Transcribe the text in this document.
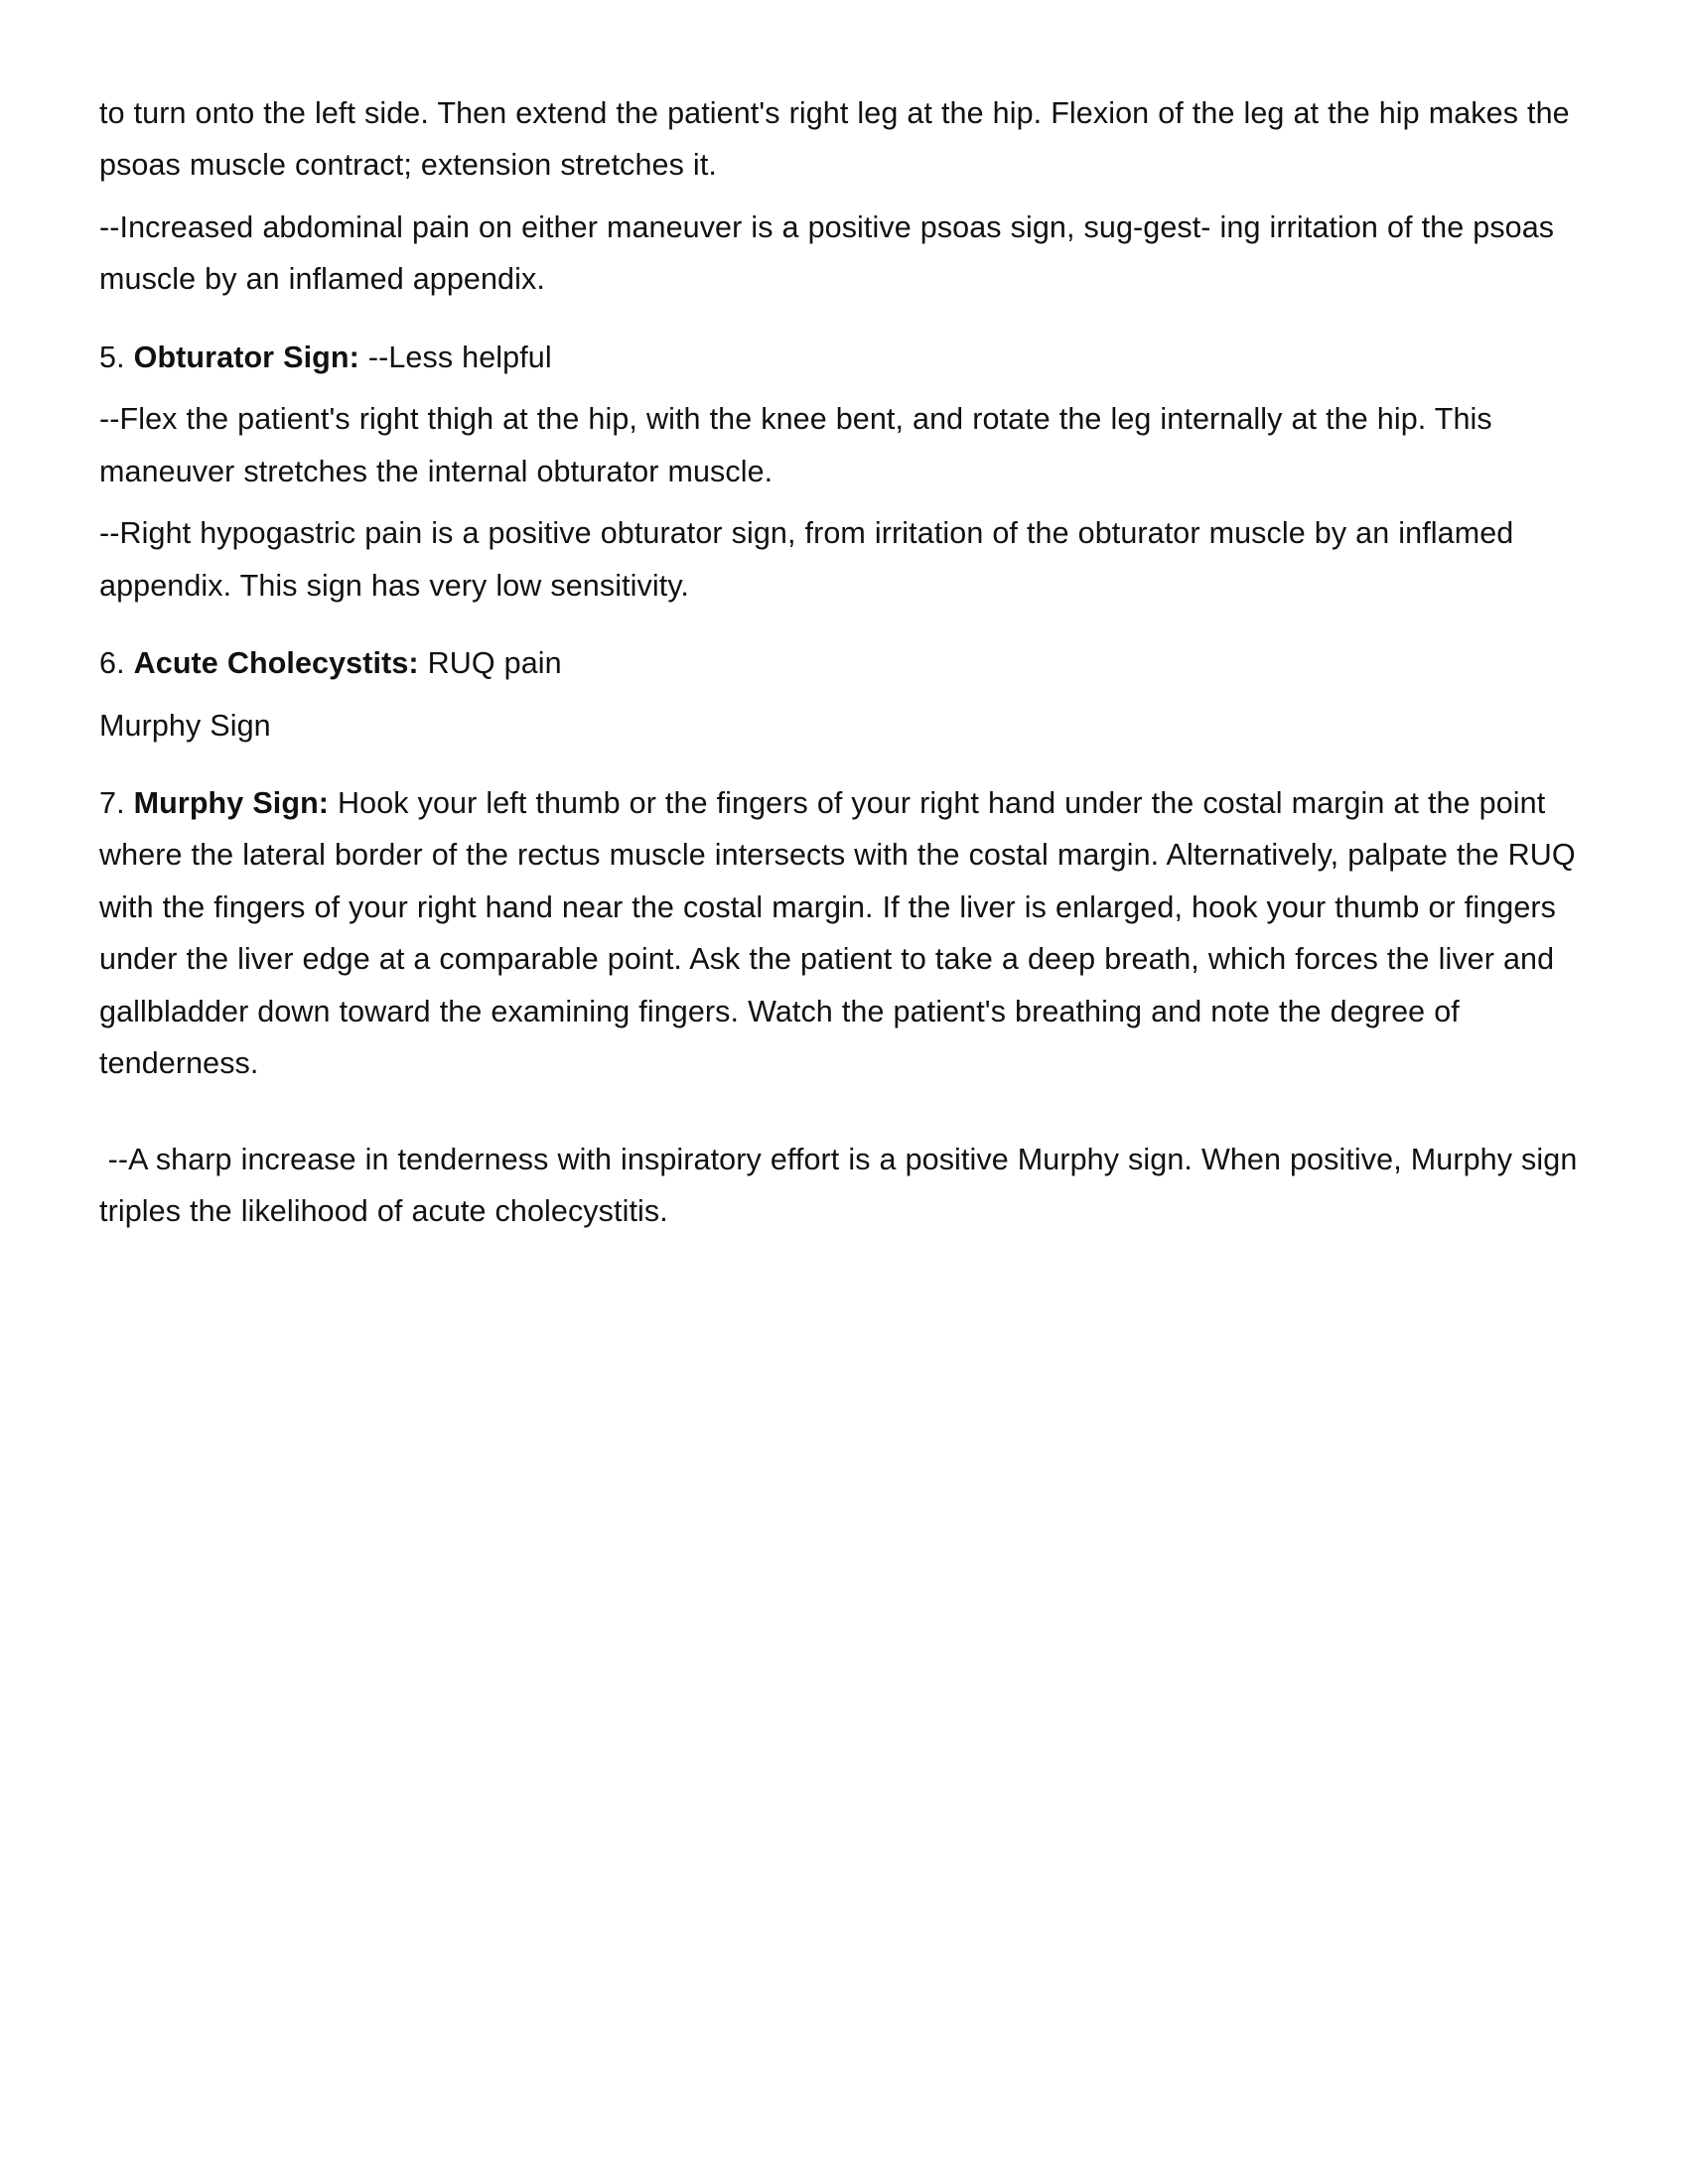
to turn onto the left side. Then extend the patient's right leg at the hip. Flexion of the leg at the hip makes the psoas muscle contract; extension stretches it.

--Increased abdominal pain on either maneuver is a positive psoas sign, sug-gest- ing irritation of the psoas muscle by an inflamed appendix.

5. Obturator Sign: --Less helpful

--Flex the patient's right thigh at the hip, with the knee bent, and rotate the leg internally at the hip. This maneuver stretches the internal obturator muscle.

--Right hypogastric pain is a positive obturator sign, from irritation of the obturator muscle by an inflamed appendix. This sign has very low sensitivity.

6. Acute Cholecystits: RUQ pain

Murphy Sign

7. Murphy Sign: Hook your left thumb or the fingers of your right hand under the costal margin at the point where the lateral border of the rectus muscle intersects with the costal margin. Alternatively, palpate the RUQ with the fingers of your right hand near the costal margin. If the liver is enlarged, hook your thumb or fingers under the liver edge at a comparable point. Ask the patient to take a deep breath, which forces the liver and gallbladder down toward the examining fingers. Watch the patient's breathing and note the degree of tenderness.

--A sharp increase in tenderness with inspiratory effort is a positive Murphy sign. When positive, Murphy sign triples the likelihood of acute cholecystitis.
